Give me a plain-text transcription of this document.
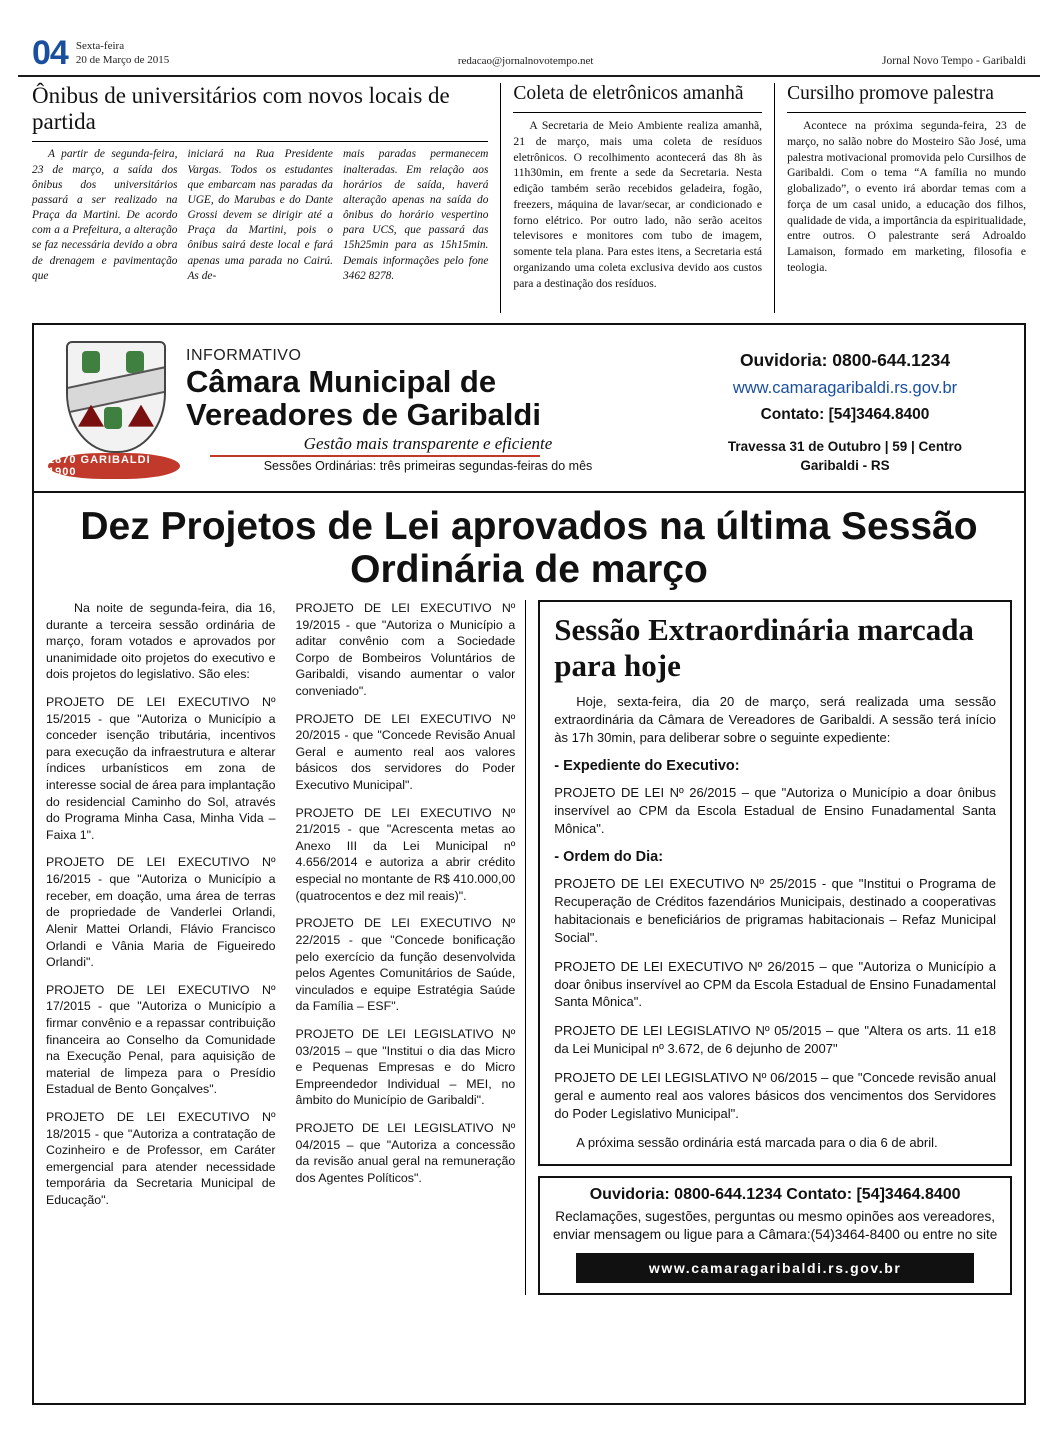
04 Sexta-feira
20 de Março de 2015	redacao@jornalnovotempo.net	Jornal Novo Tempo - Garibaldi
Ônibus de universitários com novos locais de partida

A partir de segunda-feira, 23 de março, a saída dos ônibus dos universitários passará a ser realizado na Praça da Martini. De acordo com a a Prefeitura, a alteração se faz necessária devido a obra de drenagem e pavimentação que

iniciará na Rua Presidente Vargas. Todos os estudantes que embarcam nas paradas da UGE, do Marubas e do Dante Grossi devem se dirigir até a Praça da Martini, pois o ônibus sairá deste local e fará apenas uma parada no Cairú. As de-

mais paradas permanecem inalteradas. Em relação aos horários de saída, haverá alteração apenas na saída do ônibus do horário vespertino para UCS, que passará das 15h25min para as 15h15min. Demais informações pelo fone 3462 8278.

Coleta de eletrônicos amanhã

A Secretaria de Meio Ambiente realiza amanhã, 21 de março, mais uma coleta de resíduos eletrônicos. O recolhimento acontecerá das 8h às 11h30min, em frente a sede da Secretaria. Nesta edição também serão recebidos geladeira, fogão, freezers, máquina de lavar/secar, ar condicionado e forno elétrico. Por outro lado, não serão aceitos televisores e monitores com tubo de imagem, somente tela plana. Para estes itens, a Secretaria está organizando uma coleta exclusiva devido aos custos para a destinação dos resíduos.

Cursilho promove palestra

Acontece na próxima segunda-feira, 23 de março, no salão nobre do Mosteiro São José, uma palestra motivacional promovida pelo Cursilhos de Garibaldi. Com o tema “A família no mundo globalizado”, o evento irá abordar temas com a força de um casal unido, a educação dos filhos, qualidade de vida, a importância da espiritualidade, entre outros. O palestrante será Adroaldo Lamaison, formado em marketing, filosofia e teologia.

1870 GARIBALDI 1900
INFORMATIVO
Câmara Municipal de
Vereadores de Garibaldi
Gestão mais transparente e eficiente
Sessões Ordinárias: três primeiras segundas-feiras do mês
Ouvidoria: 0800-644.1234
www.camaragaribaldi.rs.gov.br
Contato: [54]3464.8400
Travessa 31 de Outubro | 59 | Centro
Garibaldi - RS
Dez Projetos de Lei aprovados na última Sessão Ordinária de março

Na noite de segunda-feira, dia 16, durante a terceira sessão ordinária de março, foram votados e aprovados por unanimidade oito projetos do executivo e dois projetos do legislativo. São eles:

PROJETO DE LEI EXECUTIVO Nº 15/2015 - que "Autoriza o Município a conceder isenção tributária, incentivos para execução da infraestrutura e alterar índices urbanísticos em zona de interesse social de área para implantação do residencial Caminho do Sol, através do Programa Minha Casa, Minha Vida – Faixa 1".

PROJETO DE LEI EXECUTIVO Nº 16/2015 - que "Autoriza o Município a receber, em doação, uma área de terras de propriedade de Vanderlei Orlandi, Alenir Mattei Orlandi, Flávio Francisco Orlandi e Vânia Maria de Figueiredo Orlandi".

PROJETO DE LEI EXECUTIVO Nº 17/2015 - que "Autoriza o Município a firmar convênio e a repassar contribuição financeira ao Conselho da Comunidade na Execução Penal, para aquisição de material de limpeza para o Presídio Estadual de Bento Gonçalves".

PROJETO DE LEI EXECUTIVO Nº 18/2015 - que "Autoriza a contratação de Cozinheiro e de Professor, em Caráter emergencial para atender necessidade temporária da Secretaria Municipal de Educação".

PROJETO DE LEI EXECUTIVO Nº 19/2015 - que "Autoriza o Município a aditar convênio com a Sociedade Corpo de Bombeiros Voluntários de Garibaldi, visando aumentar o valor conveniado".

PROJETO DE LEI EXECUTIVO Nº 20/2015 - que "Concede Revisão Anual Geral e aumento real aos valores básicos dos servidores do Poder Executivo Municipal".

PROJETO DE LEI EXECUTIVO Nº 21/2015 - que "Acrescenta metas ao Anexo III da Lei Municipal nº 4.656/2014 e autoriza a abrir crédito especial no montante de R$ 410.000,00 (quatrocentos e dez mil reais)".

PROJETO DE LEI EXECUTIVO Nº 22/2015 - que "Concede bonificação pelo exercício da função desenvolvida pelos Agentes Comunitários de Saúde, vinculados e equipe Estratégia Saúde da Família – ESF".

PROJETO DE LEI LEGISLATIVO Nº 03/2015 – que "Institui o dia das Micro e Pequenas Empresas e do Micro Empreendedor Individual – MEI, no âmbito do Município de Garibaldi".

PROJETO DE LEI LEGISLATIVO Nº 04/2015 – que "Autoriza a concessão da revisão anual geral na remuneração dos Agentes Políticos".

Sessão Extraordinária marcada para hoje

Hoje, sexta-feira, dia 20 de março, será realizada uma sessão extraordinária da Câmara de Vereadores de Garibaldi. A sessão terá início às 17h 30min, para deliberar sobre o seguinte expediente:

- Expediente do Executivo:

PROJETO DE LEI Nº 26/2015 – que "Autoriza o Município a doar ônibus inservível ao CPM da Escola Estadual de Ensino Funadamental Santa Mônica".

- Ordem do Dia:

PROJETO DE LEI EXECUTIVO Nº 25/2015 - que "Institui o Programa de Recuperação de Créditos fazendários Municipais, destinado a cooperativas habitacionais e beneficiários de prigramas habitacionais – Refaz Municipal Social".

PROJETO DE LEI EXECUTIVO Nº 26/2015 – que "Autoriza o Município a doar ônibus inservível ao CPM da Escola Estadual de Ensino Funadamental Santa Mônica".

PROJETO DE LEI LEGISLATIVO Nº 05/2015 – que "Altera os arts. 11 e18 da Lei Municipal nº 3.672, de 6 dejunho de 2007"

PROJETO DE LEI LEGISLATIVO Nº 06/2015 – que "Concede revisão anual geral e aumento real aos valores básicos dos vencimentos dos Servidores do Poder Legislativo Municipal".

A próxima sessão ordinária está marcada para o dia 6 de abril.

Ouvidoria: 0800-644.1234 Contato: [54]3464.8400
Reclamações, sugestões, perguntas ou mesmo opinões aos vereadores, enviar mensagem ou ligue para a Câmara:(54)3464-8400 ou entre no site
www.camaragaribaldi.rs.gov.br
